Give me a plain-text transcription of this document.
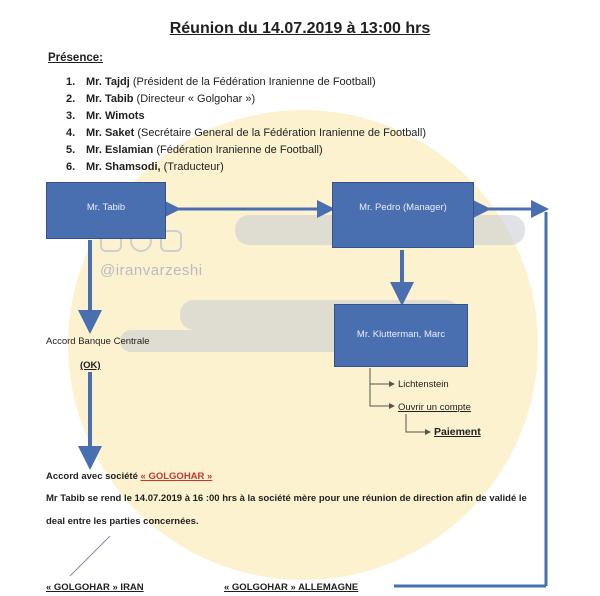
@iranvarzeshi
Réunion du 14.07.2019 à 13:00 hrs
Présence:
1. Mr. Tajdj (Président de la Fédération Iranienne de Football)
2. Mr. Tabib (Directeur « Golgohar »)
3. Mr. Wimots
4. Mr. Saket (Secrétaire General de la Fédération Iranienne de Football)
5. Mr. Eslamian (Fédération Iranienne de Football)
6. Mr. Shamsodi, (Traducteur)
Mr. Tabib	Mr. Pedro (Manager)
Mr. Klutterman, Marc
Accord Banque Centrale
(OK)
Lichtenstein
Ouvrir un compte
Paiement
Accord avec société « GOLGOHAR »
Mr Tabib se rend le 14.07.2019 à 16 :00 hrs à la société mère pour une réunion de direction afin de validé le
deal entre les parties concernées.
« GOLGOHAR » IRAN	« GOLGOHAR » ALLEMAGNE
